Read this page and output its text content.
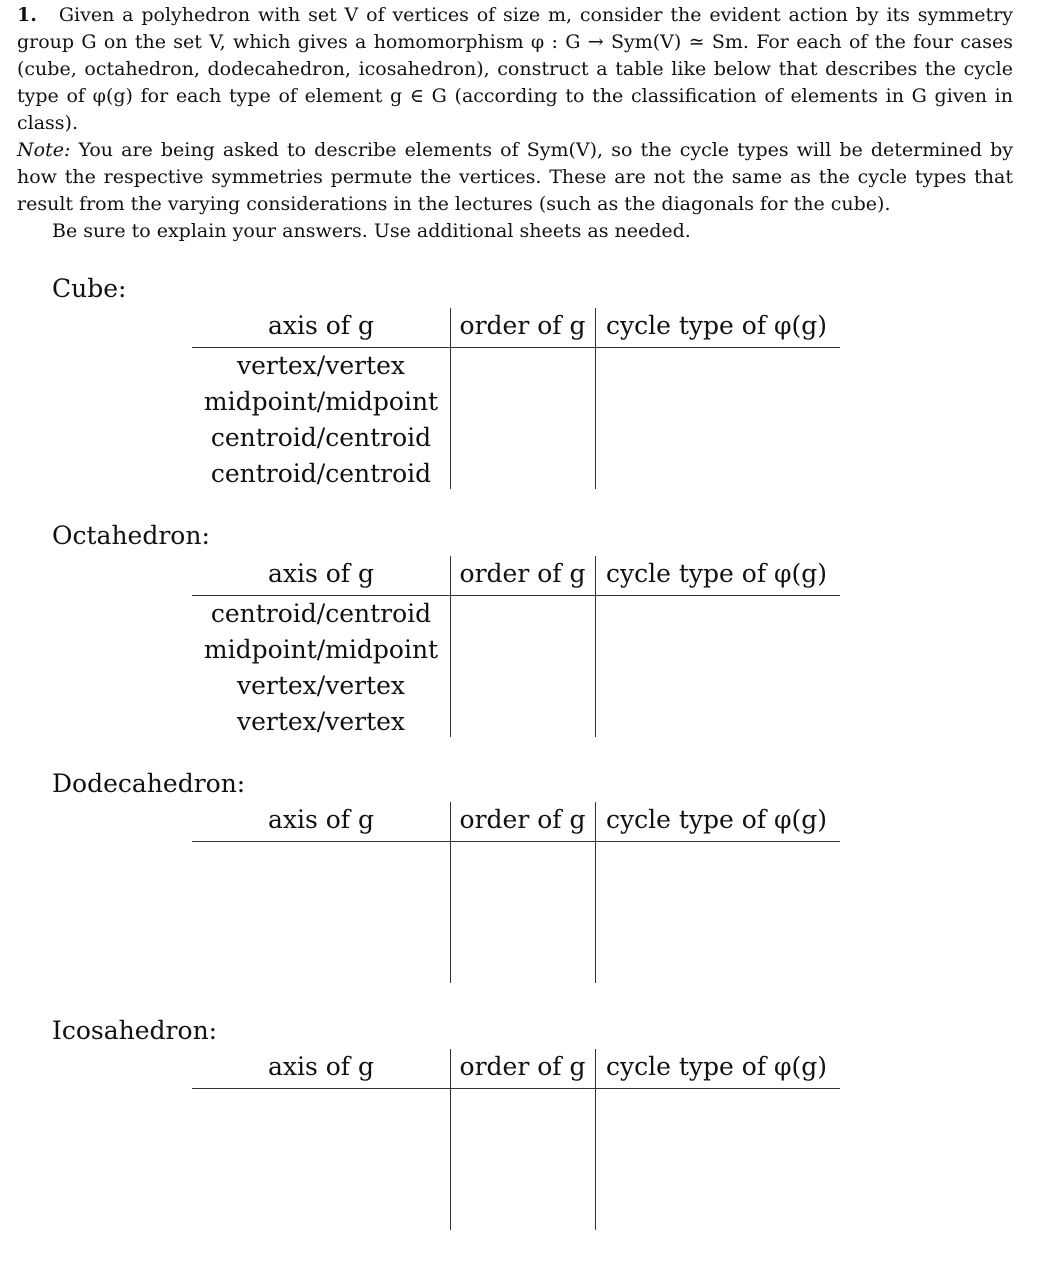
1. Given a polyhedron with set V of vertices of size m, consider the evident action by its symmetry group G on the set V, which gives a homomorphism φ : G → Sym(V) ≃ Sm. For each of the four cases (cube, octahedron, dodecahedron, icosahedron), construct a table like below that describes the cycle type of φ(g) for each type of element g ∈ G (according to the classification of elements in G given in class).

Note: You are being asked to describe elements of Sym(V), so the cycle types will be determined by how the respective symmetries permute the vertices. These are not the same as the cycle types that result from the varying considerations in the lectures (such as the diagonals for the cube).

Be sure to explain your answers. Use additional sheets as needed.

Cube:
axis of g	order of g cycle type of φ(g)
vertex/vertex
midpoint/midpoint
centroid/centroid
centroid/centroid
Octahedron:
axis of g	order of g cycle type of φ(g)
centroid/centroid
midpoint/midpoint
vertex/vertex
vertex/vertex
Dodecahedron:
axis of g	order of g cycle type of φ(g)
Icosahedron:
axis of g	order of g cycle type of φ(g)
